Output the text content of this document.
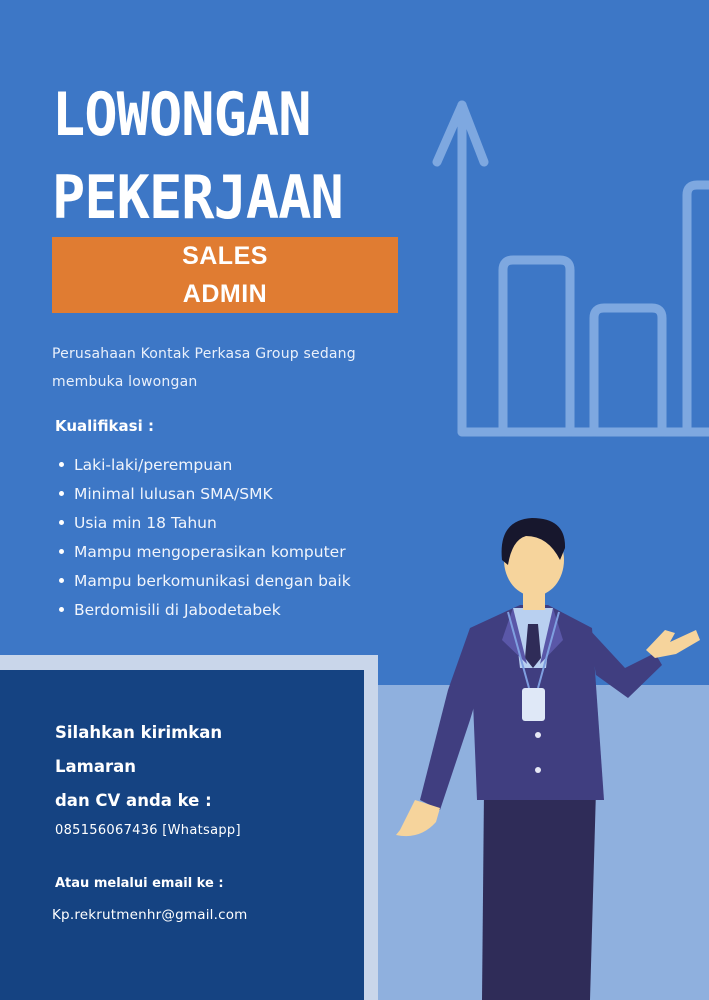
LOWONGAN
PEKERJAAN
SALES
ADMIN
Perusahaan Kontak Perkasa Group sedang
membuka lowongan
Kualifikasi :
Laki-laki/perempuan
Minimal lulusan SMA/SMK
Usia min 18 Tahun
Mampu mengoperasikan komputer
Mampu berkomunikasi dengan baik
Berdomisili di Jabodetabek
Silahkan kirimkan
Lamaran
dan CV anda ke :
085156067436 [Whatsapp]
Atau melalui email ke :
Kp.rekrutmenhr@gmail.com
